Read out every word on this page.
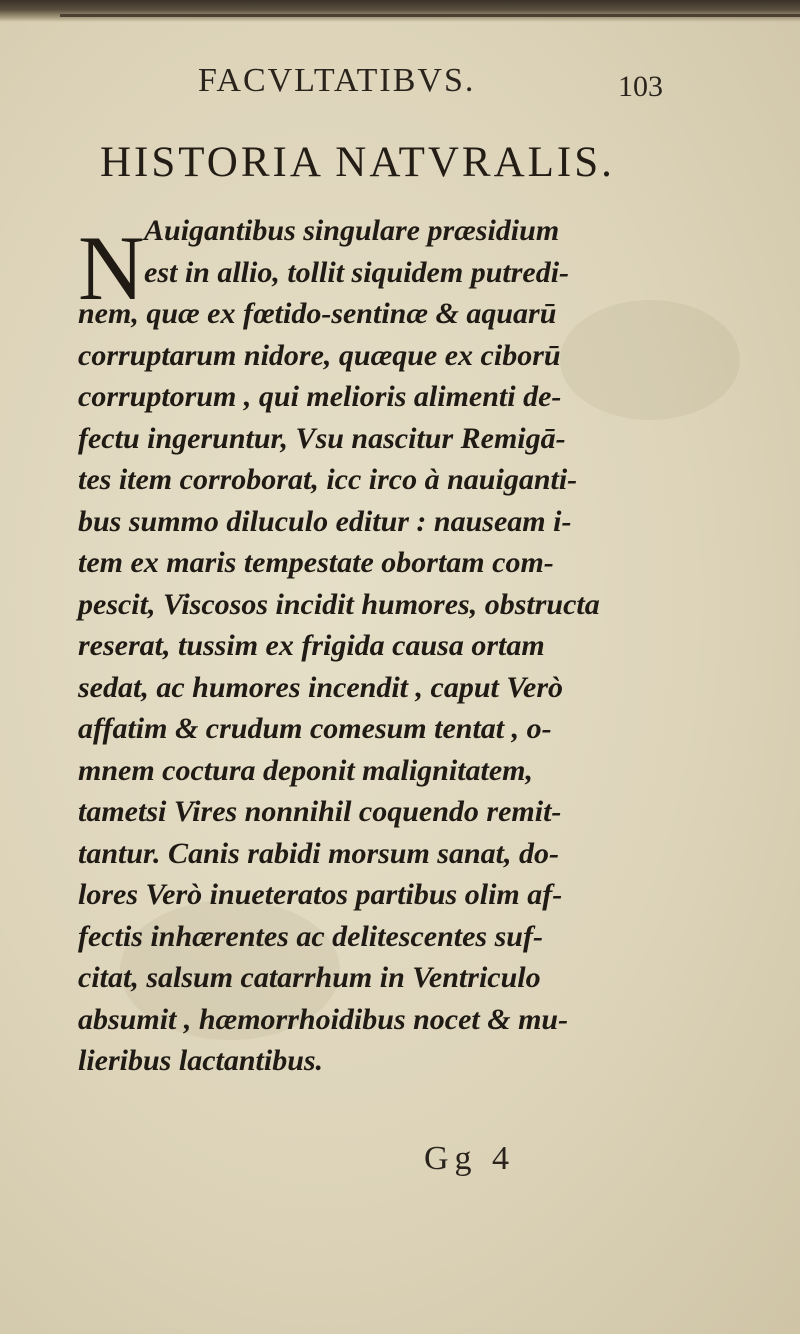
FACVLTATIBVS.	103
HISTORIA NATVRALIS.
N Auigantibus singulare præsidium
est in allio, tollit siquidem putredi-
nem, quæ ex fœtido-sentinæ & aquarū
corruptarum nidore, quæque ex ciborū
corruptorum , qui melioris alimenti de-
fectu ingeruntur, Vsu nascitur Remigā-
tes item corroborat, icc irco à nauiganti-
bus summo diluculo editur : nauseam i-
tem ex maris tempestate obortam com-
pescit, Viscosos incidit humores, obstructa
reserat, tussim ex frigida causa ortam
sedat, ac humores incendit , caput Verò
affatim & crudum comesum tentat , o-
mnem coctura deponit malignitatem,
tametsi Vires nonnihil coquendo remit-
tantur. Canis rabidi morsum sanat, do-
lores Verò inueteratos partibus olim af-
fectis inhærentes ac delitescentes suf-
citat, salsum catarrhum in Ventriculo
absumit , hæmorrhoidibus nocet & mu-
lieribus lactantibus.
Gg 4
